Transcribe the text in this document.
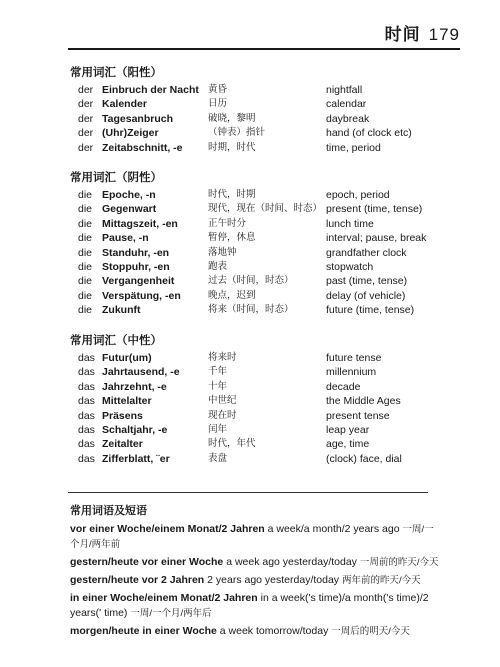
时间 179
常用词汇（阳性）
der Einbruch der Nacht 黄昏	nightfall
der Kalender	日历	calendar
der Tagesanbruch	破晓，黎明	daybreak
der (Uhr)Zeiger	（钟表）指针	hand (of clock etc)
der Zeitabschnitt, -e	时期，时代	time, period
常用词汇（阴性）
die Epoche, -n	时代，时期	epoch, period
die Gegenwart	现代，现在（时间、时态） present (time, tense)
die Mittagszeit, -en	正午时分	lunch time
die Pause, -n	暂停，休息	interval; pause, break
die Standuhr, -en	落地钟	grandfather clock
die Stoppuhr, -en	跑表	stopwatch
die Vergangenheit	过去（时间，时态）	past (time, tense)
die Verspätung, -en	晚点，迟到	delay (of vehicle)
die Zukunft	将来（时间，时态）	future (time, tense)
常用词汇（中性）
das Futur(um)	将来时	future tense
das Jahrtausend, -e	千年	millennium
das Jahrzehnt, -e	十年	decade
das Mittelalter	中世纪	the Middle Ages
das Präsens	现在时	present tense
das Schaltjahr, -e	闰年	leap year
das Zeitalter	时代，年代	age, time
das Zifferblatt, ¨er	表盘	(clock) face, dial
常用词语及短语
vor einer Woche/einem Monat/2 Jahren a week/a month/2 years ago 一周/一个月/两年前
gestern/heute vor einer Woche a week ago yesterday/today 一周前的昨天/今天
gestern/heute vor 2 Jahren 2 years ago yesterday/today 两年前的昨天/今天
in einer Woche/einem Monat/2 Jahren in a week('s time)/a month('s time)/2 years(' time) 一周/一个月/两年后
morgen/heute in einer Woche a week tomorrow/today 一周后的明天/今天
